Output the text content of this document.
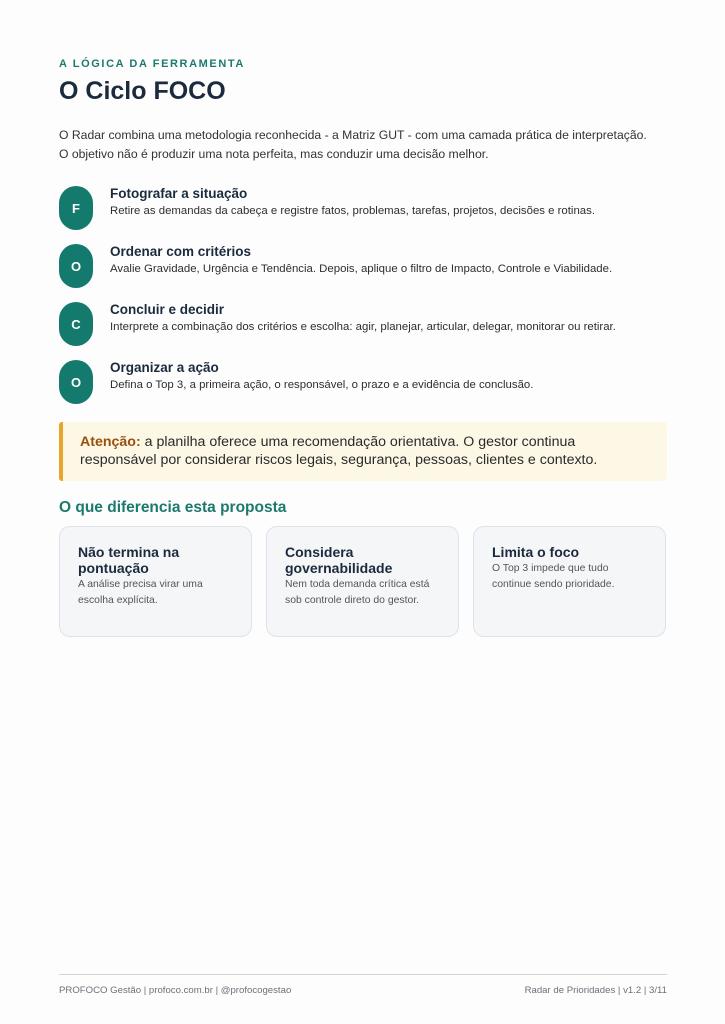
A LÓGICA DA FERRAMENTA
O Ciclo FOCO
O Radar combina uma metodologia reconhecida - a Matriz GUT - com uma camada prática de interpretação.
O objetivo não é produzir uma nota perfeita, mas conduzir uma decisão melhor.
F
Fotografar a situação
Retire as demandas da cabeça e registre fatos, problemas, tarefas, projetos, decisões e rotinas.
O
Ordenar com critérios
Avalie Gravidade, Urgência e Tendência. Depois, aplique o filtro de Impacto, Controle e Viabilidade.
C
Concluir e decidir
Interprete a combinação dos critérios e escolha: agir, planejar, articular, delegar, monitorar ou retirar.
O
Organizar a ação
Defina o Top 3, a primeira ação, o responsável, o prazo e a evidência de conclusão.
Atenção: a planilha oferece uma recomendação orientativa. O gestor continua responsável por considerar riscos legais, segurança, pessoas, clientes e contexto.
O que diferencia esta proposta
Não termina na pontuação
A análise precisa virar uma escolha explícita.
Considera governabilidade
Nem toda demanda crítica está sob controle direto do gestor.
Limita o foco
O Top 3 impede que tudo continue sendo prioridade.
PROFOCO Gestão | profoco.com.br | @profocogestao	Radar de Prioridades | v1.2 | 3/11
